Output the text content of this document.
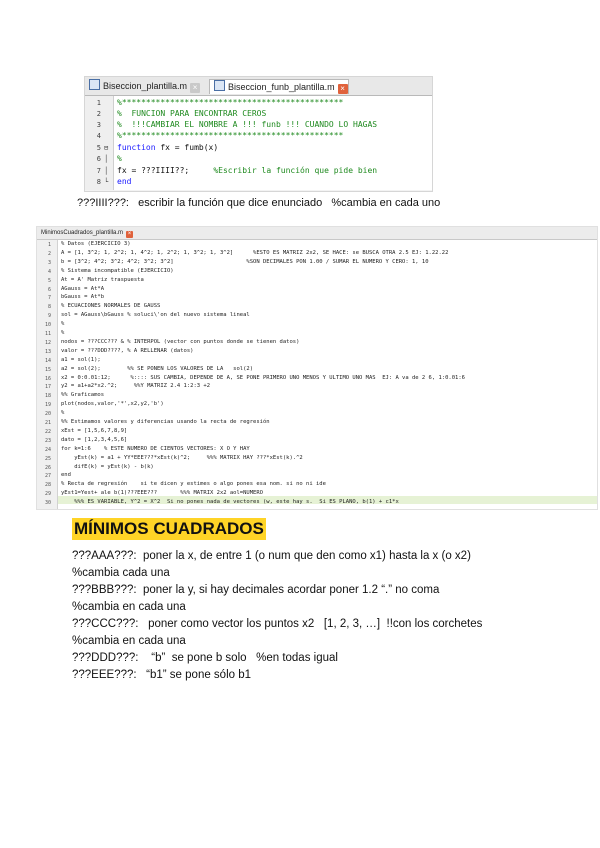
Biseccion_plantilla.m ×	Biseccion_funb_plantilla.m ×
1
2
3
4
5 ⊟
6 │
7 │
8 └
%**********************************************
%  FUNCION PARA ENCONTRAR CEROS
%  !!!CAMBIAR EL NOMBRE A !!! funb !!! CUANDO LO HAGAS
%**********************************************
function fx = fumb(x)
%
fx = ???IIII??;     %Escribir la función que pide bien
end
???IIII???:   escribir la función que dice enunciado   %cambia en cada uno
MinimosCuadrados_plantilla.m ×
1
2
3
4
5
6
7
8
9
10
11
12
13
14
15
16
17
18
19
20
21
22
23
24
25
26
27
28
29
30
% Datos (EJERCICIO 3)
A = [1, 3^2; 1, 2^2; 1, 4^2; 1, 2^2; 1, 3^2; 1, 3^2]      %ESTO ES MATRIZ 2x2, SE HACE: se BUSCA OTRA 2.5 EJ: 1.22.22
b = [3^2; 4^2; 3^2; 4^2; 3^2; 3^2]                      %SON DECIMALES PON 1.00 / SUMAR EL NUMERO Y CERO: 1, 10
% Sistema incompatible (EJERCICIO)
At = A' Matriz traspuesta
AGauss = At*A
bGauss = At*b
% ECUACIONES NORMALES DE GAUSS
sol = AGauss\bGauss % soluci\'on del nuevo sistema lineal
%
%
nodos = ???CCC??? & % INTERPOL (vector con puntos donde se tienen datos)
valor = ???DDD????, % A RELLENAR (datos)
a1 = sol(1);
a2 = sol(2);        %% SE PONEN LOS VALORES DE LA   sol(2)
x2 = 0:0.01:12;      %:::: SUS CAMBIA, DEPENDE DE A, SE PONE PRIMERO UNO MENOS Y ULTIMO UNO MAS  EJ: A va de 2 6, 1:0.01:6
y2 = a1+a2*x2.^2;     %%Y MATRIZ 2.4 1:2:3 +2
%% Graficamos
plot(nodos,valor,'*',x2,y2,'b')
%
%% Estimamos valores y diferencias usando la recta de regresión
xEst = [1,5,6,7,8,9]
dato = [1,2,3,4,5,6]
for k=1:6    % ESTE NUMERO DE CIENTOS VECTORES: X O Y HAY
yEst(k) = a1 + YY*EEE???*xEst(k)^2;     %%% MATRIX HAY ???*xEst(k).^2
difE(k) = yEst(k) - b(k)
end
% Recta de regresión    si te dicen y estimes o algo pones esa nom. si no ni ide
yEst1=Yest+ ale b(1)???EEE???       %%% MATRIX 2x2 aol=NUMERO
%%% ES VARIABLE, Y^2 = X^2  Si no pones nada de vectores (w, este hay s.  Si ES PLANO, b(1) + c1*x
MÍNIMOS CUADRADOS
???AAA???:  poner la x, de entre 1 (o num que den como x1) hasta la x (o x2)
%cambia cada una
???BBB???:  poner la y, si hay decimales acordar poner 1.2 “.” no coma
%cambia en cada una
???CCC???:   poner como vector los puntos x2   [1, 2, 3, …]  !!con los corchetes
%cambia en cada una
???DDD???:    “b”  se pone b solo   %en todas igual
???EEE???:   “b1” se pone sólo b1
